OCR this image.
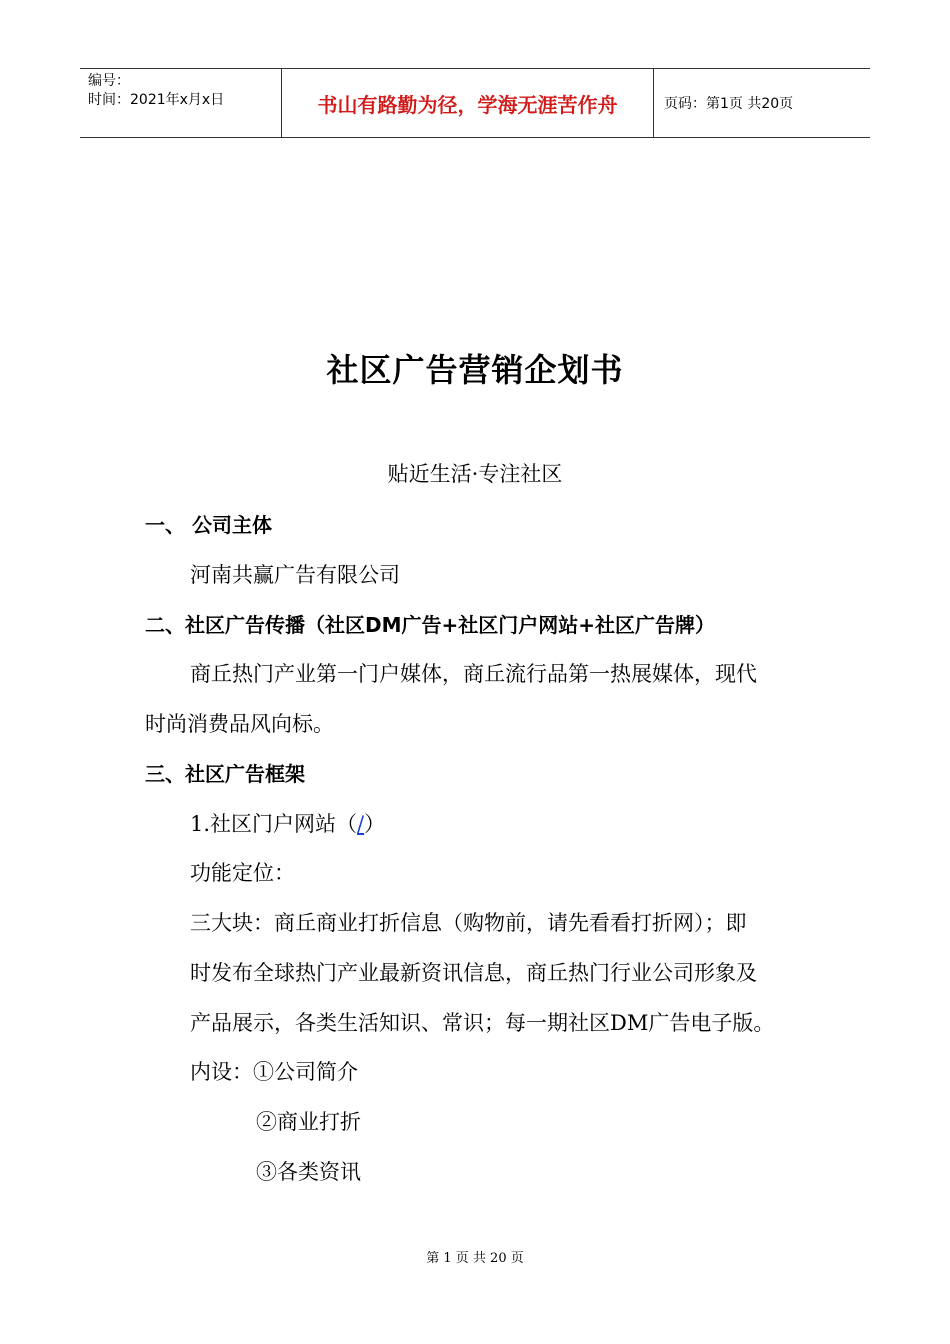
编号：
时间：2021年x月x日	书山有路勤为径，学海无涯苦作舟	页码：第1页 共20页
社区广告营销企划书
贴近生活·专注社区
一、 公司主体
河南共赢广告有限公司
二、社区广告传播（社区DM广告+社区门户网站+社区广告牌）
商丘热门产业第一门户媒体，商丘流行品第一热展媒体，现代
时尚消费品风向标。
三、社区广告框架
1.社区门户网站（/）
功能定位：
三大块：商丘商业打折信息（购物前，请先看看打折网）；即
时发布全球热门产业最新资讯信息，商丘热门行业公司形象及
产品展示，各类生活知识、常识；每一期社区DM广告电子版。
内设：①公司简介
②商业打折
③各类资讯
第 1 页 共 20 页
